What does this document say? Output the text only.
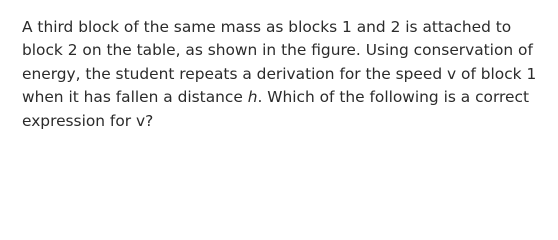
A third block of the same mass as blocks 1 and 2 is attached to block 2 on the table, as shown in the figure. Using conservation of energy, the student repeats a derivation for the speed v of block 1 when it has fallen a distance h. Which of the following is a correct expression for v?
